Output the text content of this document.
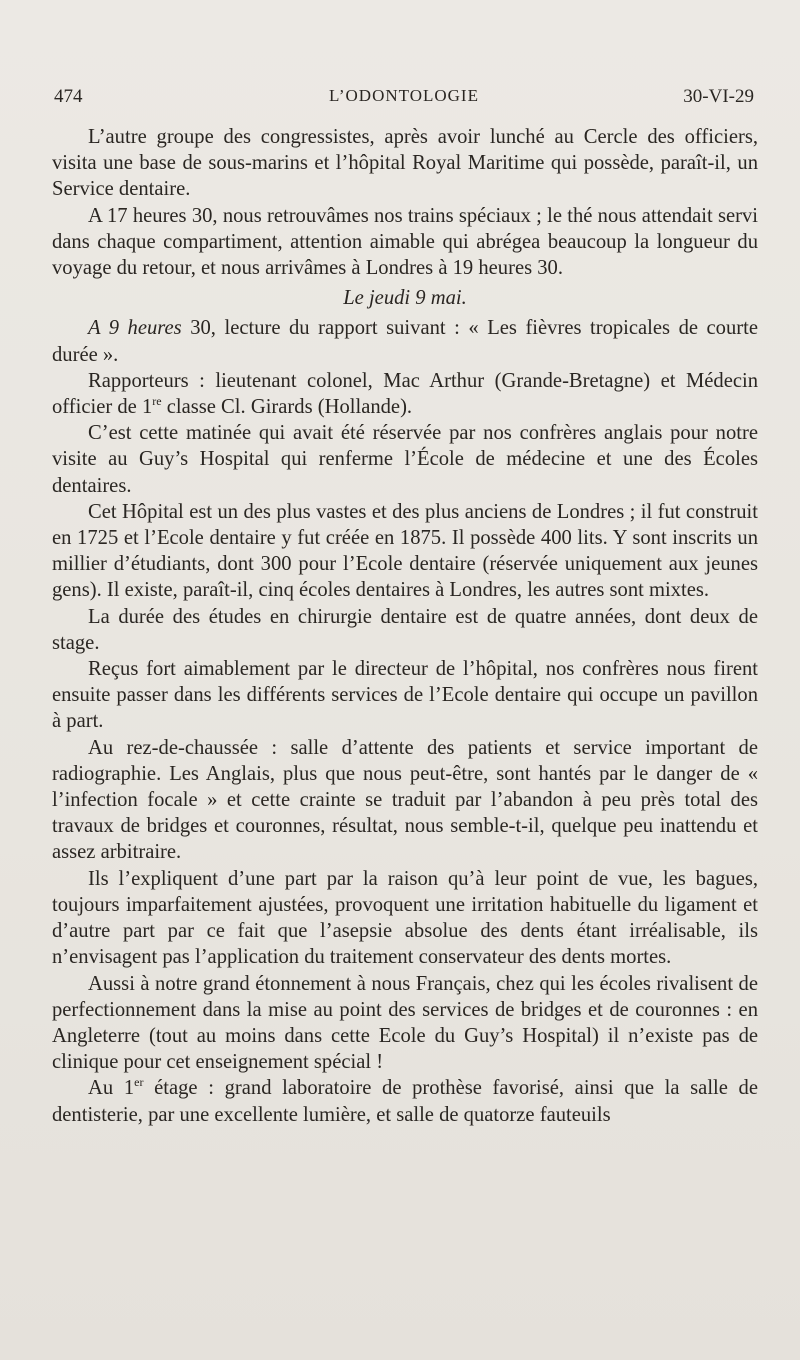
474	L’ODONTOLOGIE	30-VI-29

L’autre groupe des congressistes, après avoir lunché au Cercle des officiers, visita une base de sous-marins et l’hôpital Royal Maritime qui possède, paraît-il, un Service dentaire.

A 17 heures 30, nous retrouvâmes nos trains spéciaux ; le thé nous attendait servi dans chaque compartiment, attention aimable qui abrégea beaucoup la longueur du voyage du retour, et nous arrivâmes à Londres à 19 heures 30.

Le jeudi 9 mai.

A 9 heures 30, lecture du rapport suivant : « Les fièvres tropicales de courte durée ».

Rapporteurs : lieutenant colonel, Mac Arthur (Grande-Bretagne) et Médecin officier de 1re classe Cl. Girards (Hollande).

C’est cette matinée qui avait été réservée par nos confrères anglais pour notre visite au Guy’s Hospital qui renferme l’École de médecine et une des Écoles dentaires.

Cet Hôpital est un des plus vastes et des plus anciens de Londres ; il fut construit en 1725 et l’Ecole dentaire y fut créée en 1875. Il possède 400 lits. Y sont inscrits un millier d’étudiants, dont 300 pour l’Ecole dentaire (réservée uniquement aux jeunes gens). Il existe, paraît-il, cinq écoles dentaires à Londres, les autres sont mixtes.

La durée des études en chirurgie dentaire est de quatre années, dont deux de stage.

Reçus fort aimablement par le directeur de l’hôpital, nos confrères nous firent ensuite passer dans les différents services de l’Ecole dentaire qui occupe un pavillon à part.

Au rez-de-chaussée : salle d’attente des patients et service important de radiographie. Les Anglais, plus que nous peut-être, sont hantés par le danger de « l’infection focale » et cette crainte se traduit par l’abandon à peu près total des travaux de bridges et couronnes, résultat, nous semble-t-il, quelque peu inattendu et assez arbitraire.

Ils l’expliquent d’une part par la raison qu’à leur point de vue, les bagues, toujours imparfaitement ajustées, provoquent une irritation habituelle du ligament et d’autre part par ce fait que l’asepsie absolue des dents étant irréalisable, ils n’envisagent pas l’application du traitement conservateur des dents mortes.

Aussi à notre grand étonnement à nous Français, chez qui les écoles rivalisent de perfectionnement dans la mise au point des services de bridges et de couronnes : en Angleterre (tout au moins dans cette Ecole du Guy’s Hospital) il n’existe pas de clinique pour cet enseignement spécial !

Au 1er étage : grand laboratoire de prothèse favorisé, ainsi que la salle de dentisterie, par une excellente lumière, et salle de quatorze fauteuils
